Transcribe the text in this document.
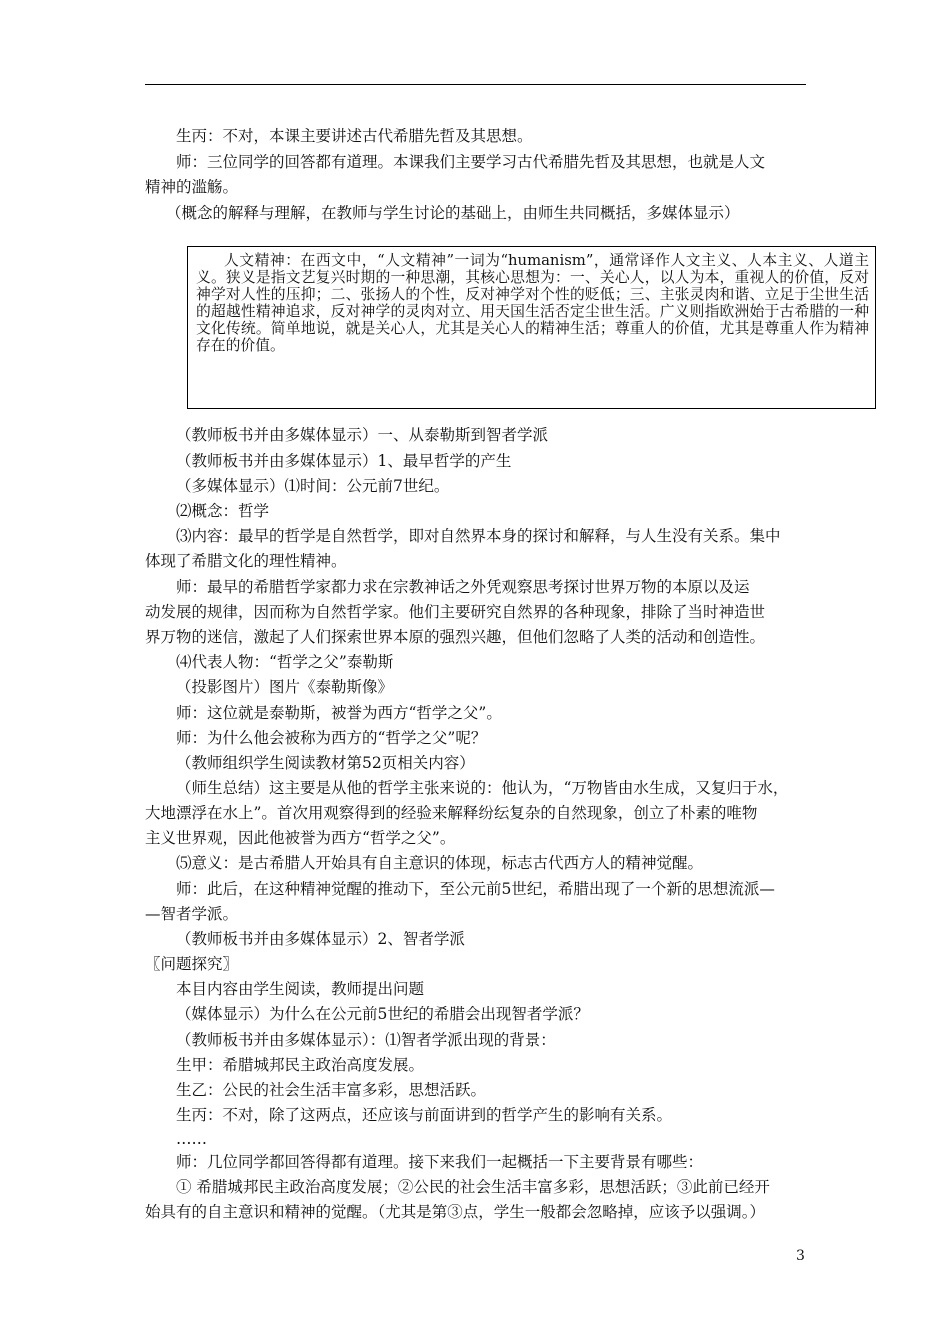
生丙：不对，本课主要讲述古代希腊先哲及其思想。

师：三位同学的回答都有道理。本课我们主要学习古代希腊先哲及其思想，也就是人文

精神的滥觞。

（概念的解释与理解，在教师与学生讨论的基础上，由师生共同概括，多媒体显示）

人文精神：在西文中，“人文精神”一词为“humanism”，通常译作人文主义、人本主义、人道主义。狭义是指文艺复兴时期的一种思潮，其核心思想为：一、关心人，以人为本，重视人的价值，反对神学对人性的压抑；二、张扬人的个性，反对神学对个性的贬低；三、主张灵肉和谐、立足于尘世生活的超越性精神追求，反对神学的灵肉对立、用天国生活否定尘世生活。广义则指欧洲始于古希腊的一种文化传统。简单地说，就是关心人，尤其是关心人的精神生活；尊重人的价值，尤其是尊重人作为精神存在的价值。

（教师板书并由多媒体显示）一、从泰勒斯到智者学派

（教师板书并由多媒体显示）1、最早哲学的产生

（多媒体显示）⑴时间：公元前7世纪。

⑵概念：哲学

⑶内容：最早的哲学是自然哲学，即对自然界本身的探讨和解释，与人生没有关系。集中

体现了希腊文化的理性精神。

师：最早的希腊哲学家都力求在宗教神话之外凭观察思考探讨世界万物的本原以及运

动发展的规律，因而称为自然哲学家。他们主要研究自然界的各种现象，排除了当时神造世

界万物的迷信，激起了人们探索世界本原的强烈兴趣，但他们忽略了人类的活动和创造性。

⑷代表人物：“哲学之父”泰勒斯

（投影图片）图片《泰勒斯像》

师：这位就是泰勒斯，被誉为西方“哲学之父”。

师：为什么他会被称为西方的“哲学之父”呢？

（教师组织学生阅读教材第52页相关内容）

（师生总结）这主要是从他的哲学主张来说的：他认为，“万物皆由水生成，又复归于水，

大地漂浮在水上”。首次用观察得到的经验来解释纷纭复杂的自然现象，创立了朴素的唯物

主义世界观，因此他被誉为西方“哲学之父”。

⑸意义：是古希腊人开始具有自主意识的体现，标志古代西方人的精神觉醒。

师：此后，在这种精神觉醒的推动下，至公元前5世纪，希腊出现了一个新的思想流派—

—智者学派。

（教师板书并由多媒体显示）2、智者学派

〖问题探究〗

本目内容由学生阅读，教师提出问题

（媒体显示）为什么在公元前5世纪的希腊会出现智者学派？

（教师板书并由多媒体显示）：⑴智者学派出现的背景：

生甲：希腊城邦民主政治高度发展。

生乙：公民的社会生活丰富多彩，思想活跃。

生丙：不对，除了这两点，还应该与前面讲到的哲学产生的影响有关系。

……

师：几位同学都回答得都有道理。接下来我们一起概括一下主要背景有哪些：

① 希腊城邦民主政治高度发展；②公民的社会生活丰富多彩，思想活跃；③此前已经开

始具有的自主意识和精神的觉醒。（尤其是第③点，学生一般都会忽略掉，应该予以强调。）

3
